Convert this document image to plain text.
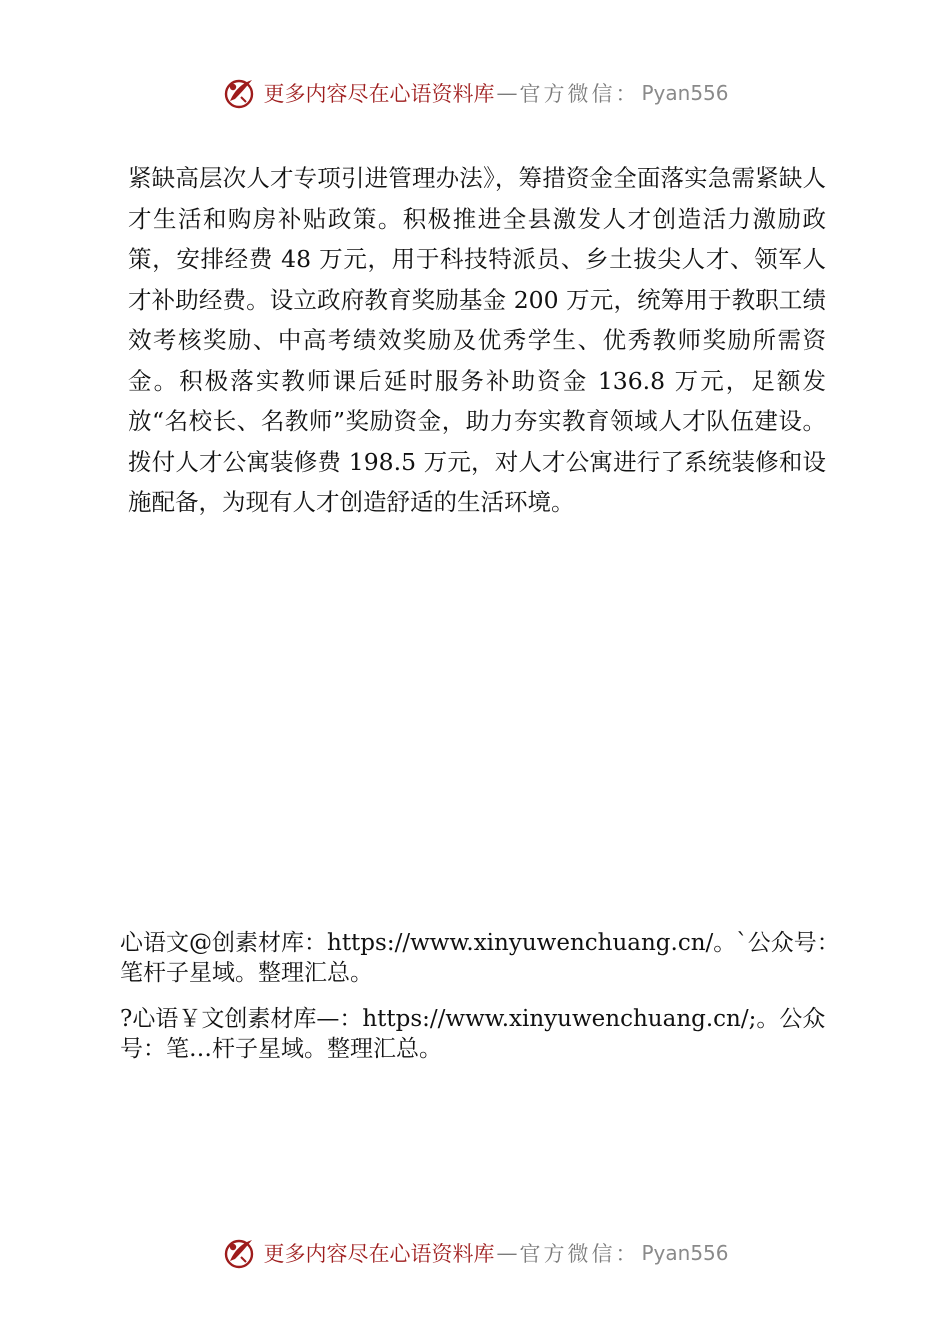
更多内容尽在心语资料库 — 官方微信： Pyan556

紧缺高层次人才专项引进管理办法》，筹措资金全面落实急需紧缺人才生活和购房补贴政策。积极推进全县激发人才创造活力激励政策，安排经费 48 万元，用于科技特派员、乡土拔尖人才、领军人才补助经费。设立政府教育奖励基金 200 万元，统筹用于教职工绩效考核奖励、中高考绩效奖励及优秀学生、优秀教师奖励所需资金。积极落实教师课后延时服务补助资金 136.8 万元，足额发放“名校长、名教师”奖励资金，助力夯实教育领域人才队伍建设。拨付人才公寓装修费 198.5 万元，对人才公寓进行了系统装修和设施配备，为现有人才创造舒适的生活环境。

心语文@创素材库：https://www.xinyuwenchuang.cn/。`公众号：笔杆子星域。整理汇总。

?心语￥文创素材库—：https://www.xinyuwenchuang.cn/;。公众号：笔…杆子星域。整理汇总。

更多内容尽在心语资料库 — 官方微信： Pyan556
